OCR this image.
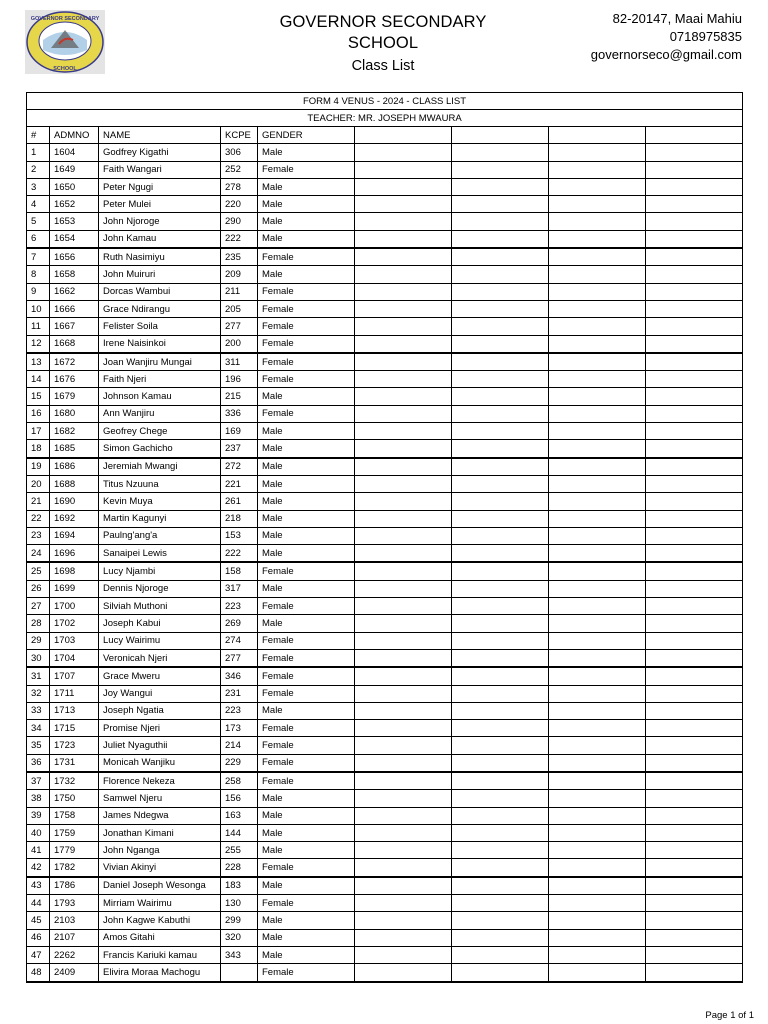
GOVERNOR SECONDARY
SCHOOL
GOVERNOR SECONDARY SCHOOL
Class List
82-20147, Maai Mahiu
0718975835
governorseco@gmail.com
FORM 4 VENUS - 2024 - CLASS LIST								
TEACHER: MR. JOSEPH MWAURA								
#	ADMNO	NAME	KCPE	GENDER				
1	1604	Godfrey Kigathi	306	Male				
2	1649	Faith Wangari	252	Female				
3	1650	Peter Ngugi	278	Male				
4	1652	Peter Mulei	220	Male				
5	1653	John Njoroge	290	Male				
6	1654	John Kamau	222	Male				
7	1656	Ruth Nasimiyu	235	Female				
8	1658	John Muiruri	209	Male				
9	1662	Dorcas Wambui	211	Female				
10	1666	Grace Ndirangu	205	Female				
11	1667	Felister Soila	277	Female				
12	1668	Irene Naisinkoi	200	Female				
13	1672	Joan Wanjiru Mungai	311	Female				
14	1676	Faith Njeri	196	Female				
15	1679	Johnson Kamau	215	Male				
16	1680	Ann Wanjiru	336	Female				
17	1682	Geofrey Chege	169	Male				
18	1685	Simon Gachicho	237	Male				
19	1686	Jeremiah Mwangi	272	Male				
20	1688	Titus Nzuuna	221	Male				
21	1690	Kevin Muya	261	Male				
22	1692	Martin Kagunyi	218	Male				
23	1694	Paulng'ang'a	153	Male				
24	1696	Sanaipei Lewis	222	Male				
25	1698	Lucy Njambi	158	Female				
26	1699	Dennis Njoroge	317	Male				
27	1700	Silviah Muthoni	223	Female				
28	1702	Joseph Kabui	269	Male				
29	1703	Lucy Wairimu	274	Female				
30	1704	Veronicah Njeri	277	Female				
31	1707	Grace Mweru	346	Female				
32	1711	Joy Wangui	231	Female				
33	1713	Joseph Ngatia	223	Male				
34	1715	Promise Njeri	173	Female				
35	1723	Juliet Nyaguthii	214	Female				
36	1731	Monicah Wanjiku	229	Female				
37	1732	Florence Nekeza	258	Female				
38	1750	Samwel Njeru	156	Male				
39	1758	James Ndegwa	163	Male				
40	1759	Jonathan Kimani	144	Male				
41	1779	John Nganga	255	Male				
42	1782	Vivian Akinyi	228	Female				
43	1786	Daniel Joseph Wesonga	183	Male				
44	1793	Mirriam Wairimu	130	Female				
45	2103	John Kagwe Kabuthi	299	Male				
46	2107	Amos Gitahi	320	Male				
47	2262	Francis Kariuki kamau	343	Male				
48	2409	Elivira Moraa Machogu		Female				
Page 1 of 1
